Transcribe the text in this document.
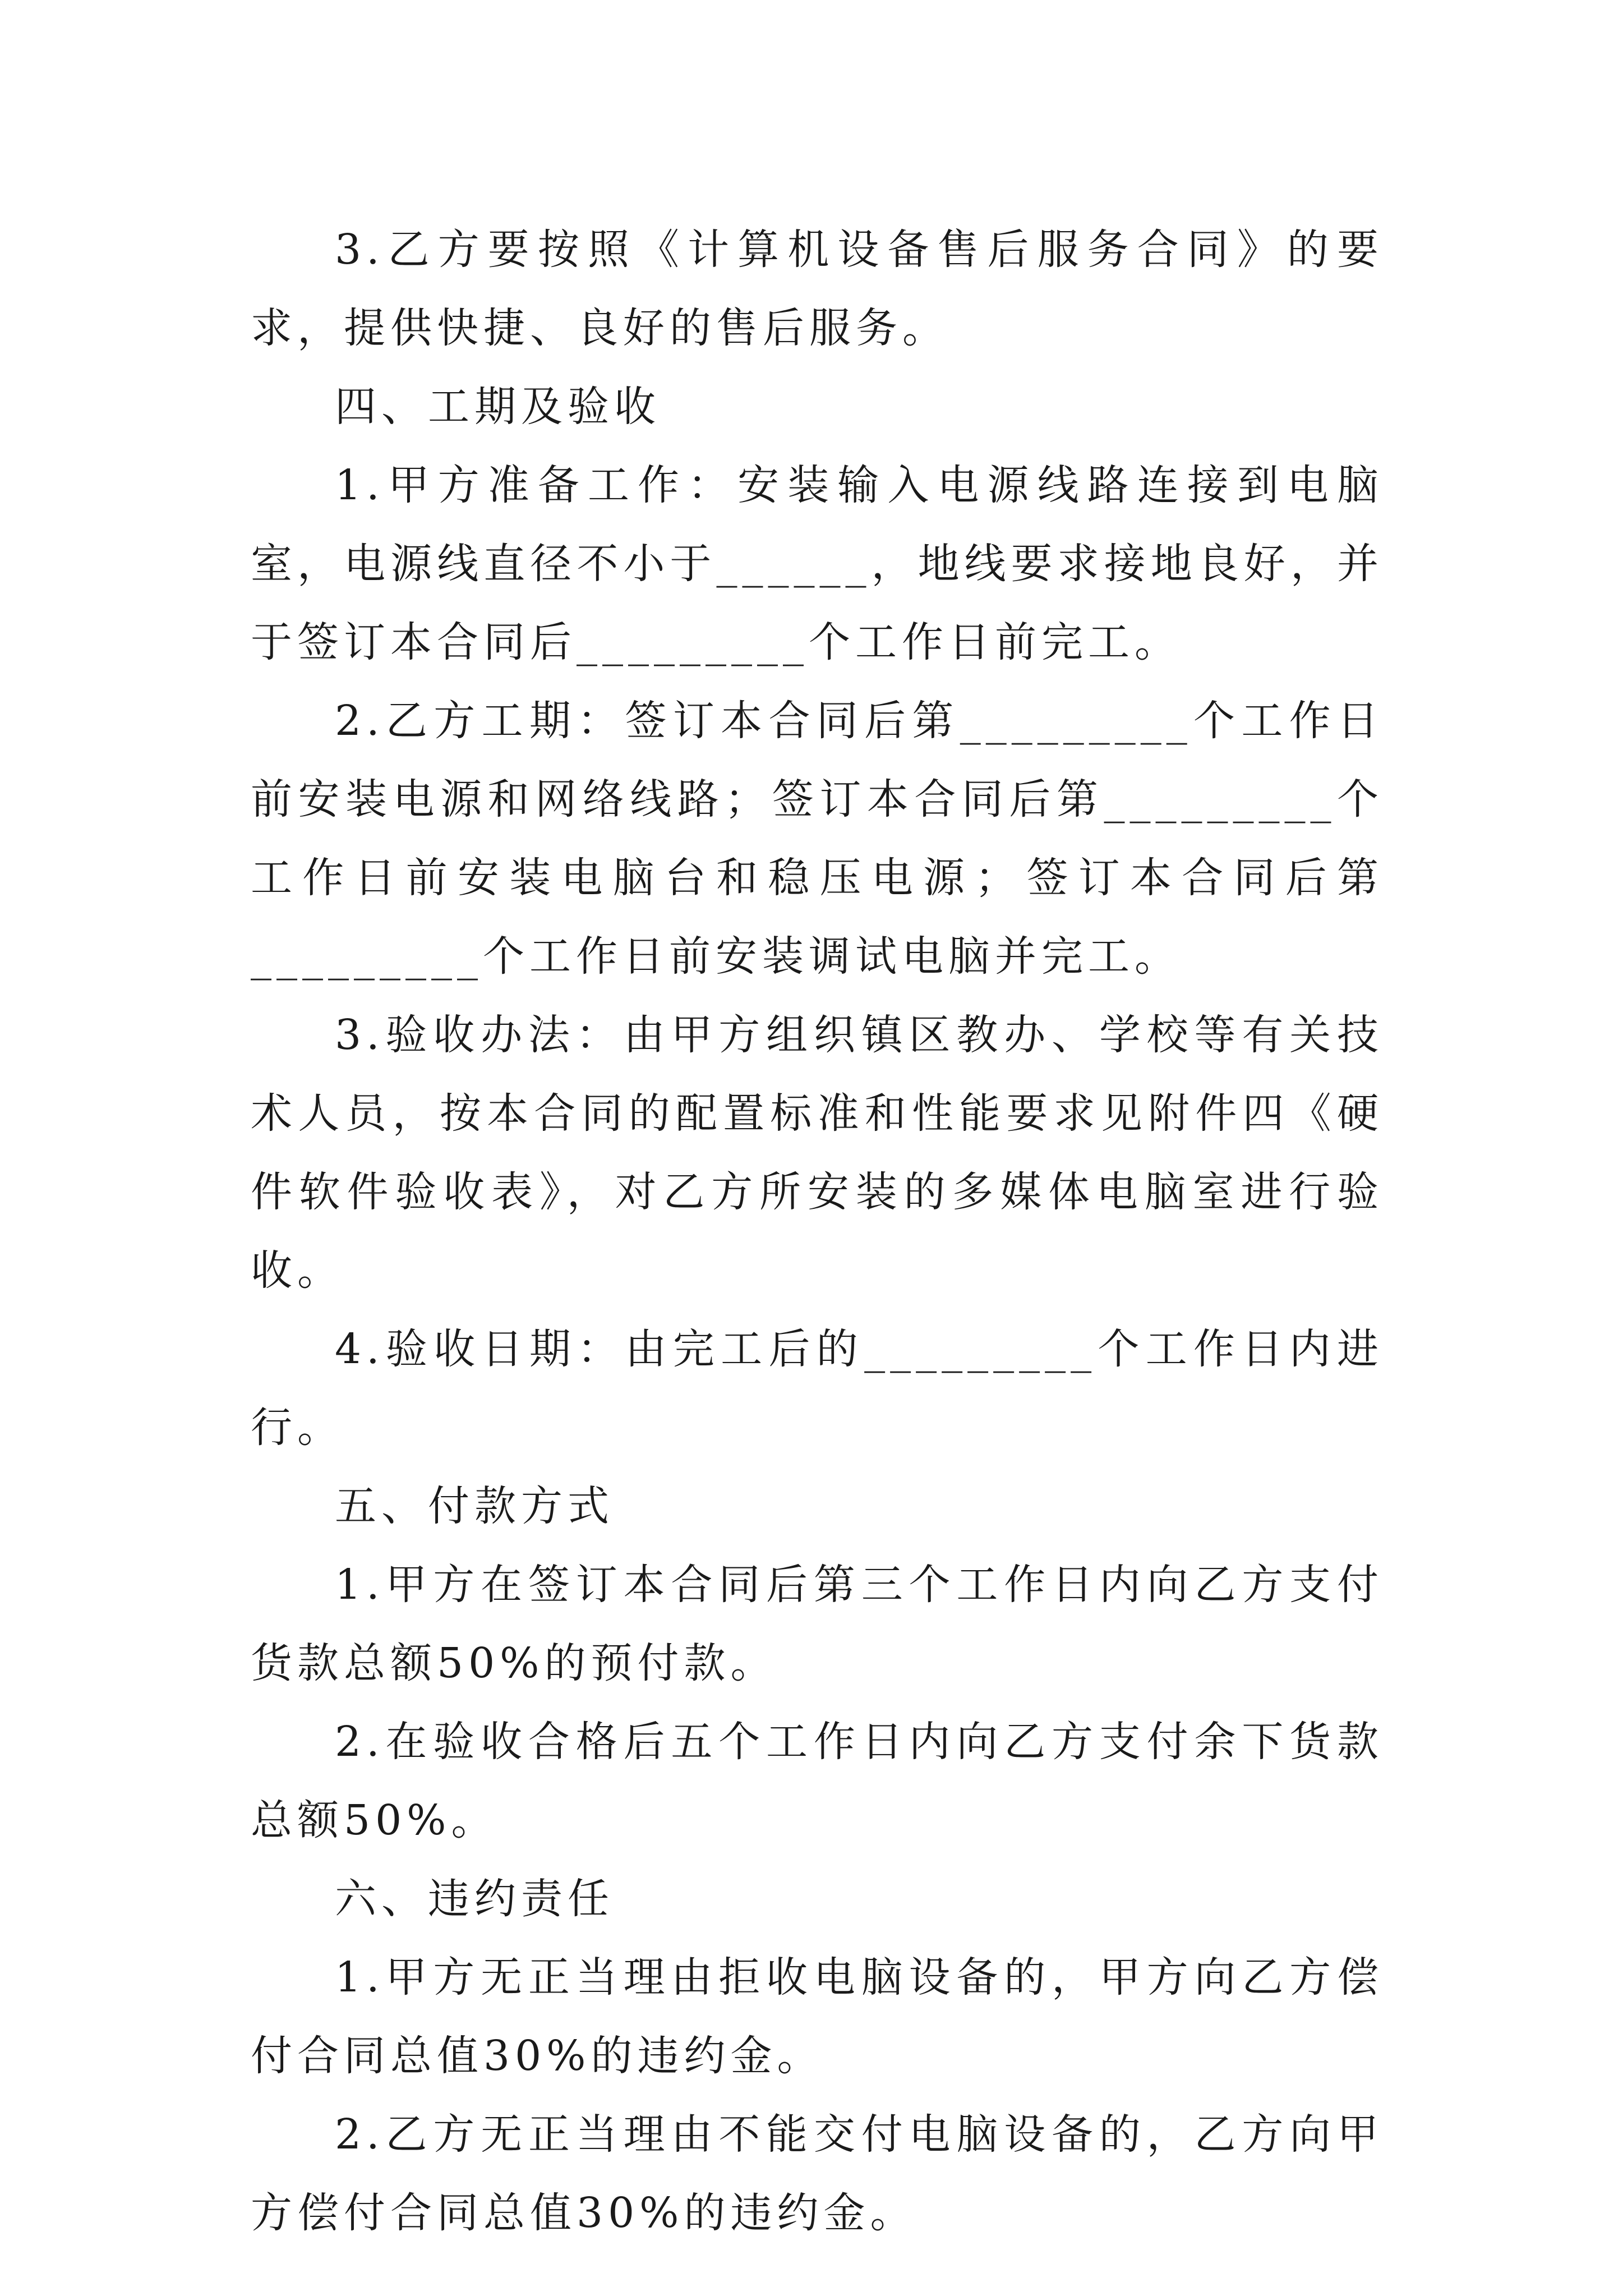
3.乙方要按照《计算机设备售后服务合同》的要求，提供快捷、良好的售后服务。

四、工期及验收

1.甲方准备工作：安装输入电源线路连接到电脑室，电源线直径不小于______，地线要求接地良好，并于签订本合同后_________个工作日前完工。

2.乙方工期：签订本合同后第_________个工作日前安装电源和网络线路；签订本合同后第_________个工作日前安装电脑台和稳压电源；签订本合同后第_________个工作日前安装调试电脑并完工。

3.验收办法：由甲方组织镇区教办、学校等有关技术人员，按本合同的配置标准和性能要求见附件四《硬件软件验收表》，对乙方所安装的多媒体电脑室进行验收。

4.验收日期：由完工后的_________个工作日内进行。

五、付款方式

1.甲方在签订本合同后第三个工作日内向乙方支付货款总额50%的预付款。

2.在验收合格后五个工作日内向乙方支付余下货款总额50%。

六、违约责任

1.甲方无正当理由拒收电脑设备的，甲方向乙方偿付合同总值30%的违约金。

2.乙方无正当理由不能交付电脑设备的，乙方向甲方偿付合同总值30%的违约金。
